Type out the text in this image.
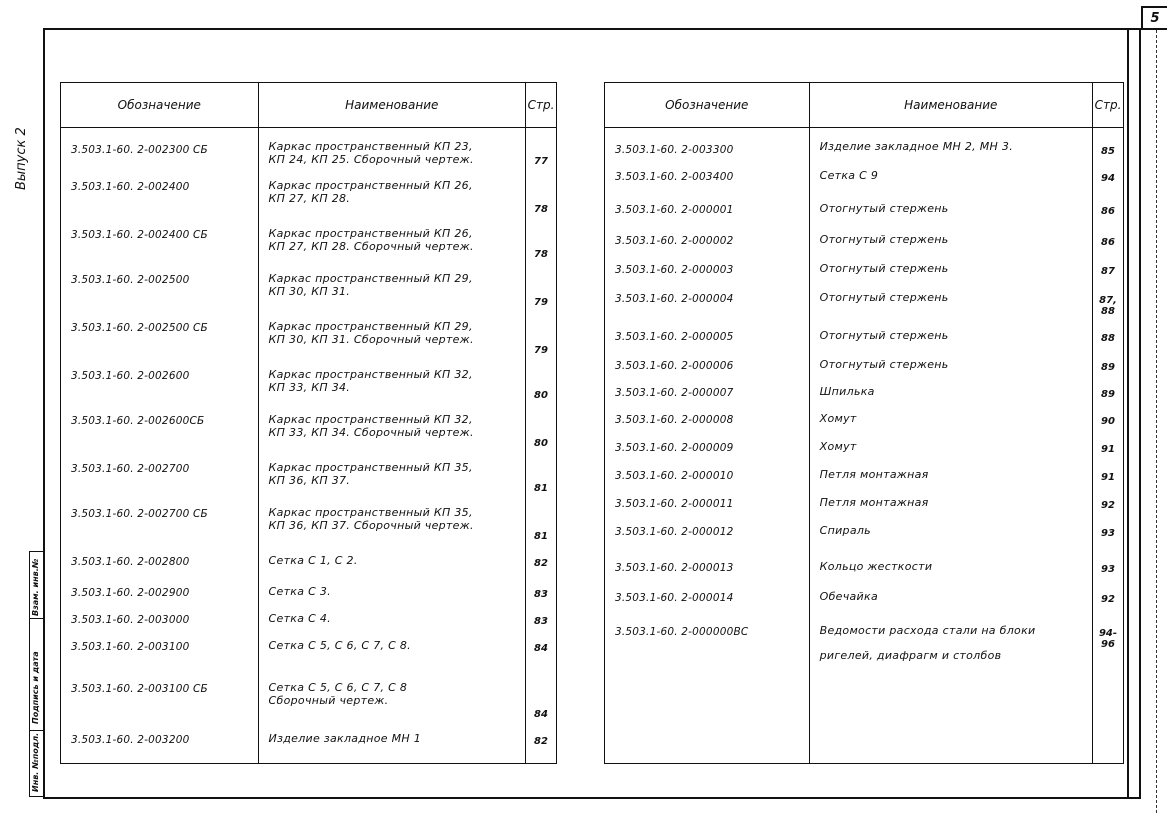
5
Выпуск 2
Взам. инв.№
Подпись и дата
Инв. №подл.
Обозначение	Наименование	Стр.
3.503.1-60. 2-002300 СБ	Каркас пространственный КП 23,
КП 24, КП 25. Сборочный чертеж.	77
3.503.1-60. 2-002400	Каркас пространственный КП 26,
КП 27, КП 28.	78
3.503.1-60. 2-002400 СБ	Каркас пространственный КП 26,
КП 27, КП 28. Сборочный чертеж.	78
3.503.1-60. 2-002500	Каркас пространственный КП 29,
КП 30, КП 31.	79
3.503.1-60. 2-002500 СБ	Каркас пространственный КП 29,
КП 30, КП 31. Сборочный чертеж.	79
3.503.1-60. 2-002600	Каркас пространственный КП 32,
КП 33, КП 34.	80
3.503.1-60. 2-002600СБ	Каркас пространственный КП 32,
КП 33, КП 34. Сборочный чертеж.	80
3.503.1-60. 2-002700	Каркас пространственный КП 35,
КП 36, КП 37.	81
3.503.1-60. 2-002700 СБ	Каркас пространственный КП 35,
КП 36, КП 37. Сборочный чертеж.	81
3.503.1-60. 2-002800	Сетка С 1, С 2.	82
3.503.1-60. 2-002900	Сетка С 3.	83
3.503.1-60. 2-003000	Сетка С 4.	83
3.503.1-60. 2-003100	Сетка С 5, С 6, С 7, С 8.	84
3.503.1-60. 2-003100 СБ	Сетка С 5, С 6, С 7, С 8
Сборочный чертеж.	84
3.503.1-60. 2-003200	Изделие закладное МН 1	82
Обозначение	Наименование	Стр.
3.503.1-60. 2-003300	Изделие закладное МН 2, МН 3.	85
3.503.1-60. 2-003400	Сетка С 9	94
3.503.1-60. 2-000001	Отогнутый стержень	86
3.503.1-60. 2-000002	Отогнутый стержень	86
3.503.1-60. 2-000003	Отогнутый стержень	87
3.503.1-60. 2-000004	Отогнутый стержень	87, 88
3.503.1-60. 2-000005	Отогнутый стержень	88
3.503.1-60. 2-000006	Отогнутый стержень	89
3.503.1-60. 2-000007	Шпилька	89
3.503.1-60. 2-000008	Хомут	90
3.503.1-60. 2-000009	Хомут	91
3.503.1-60. 2-000010	Петля монтажная	91
3.503.1-60. 2-000011	Петля монтажная	92
3.503.1-60. 2-000012	Спираль	93
3.503.1-60. 2-000013	Кольцо жесткости	93
3.503.1-60. 2-000014	Обечайка	92
3.503.1-60. 2-000000ВС	Ведомости расхода стали на блоки
ригелей, диафрагм и столбов	94-96
